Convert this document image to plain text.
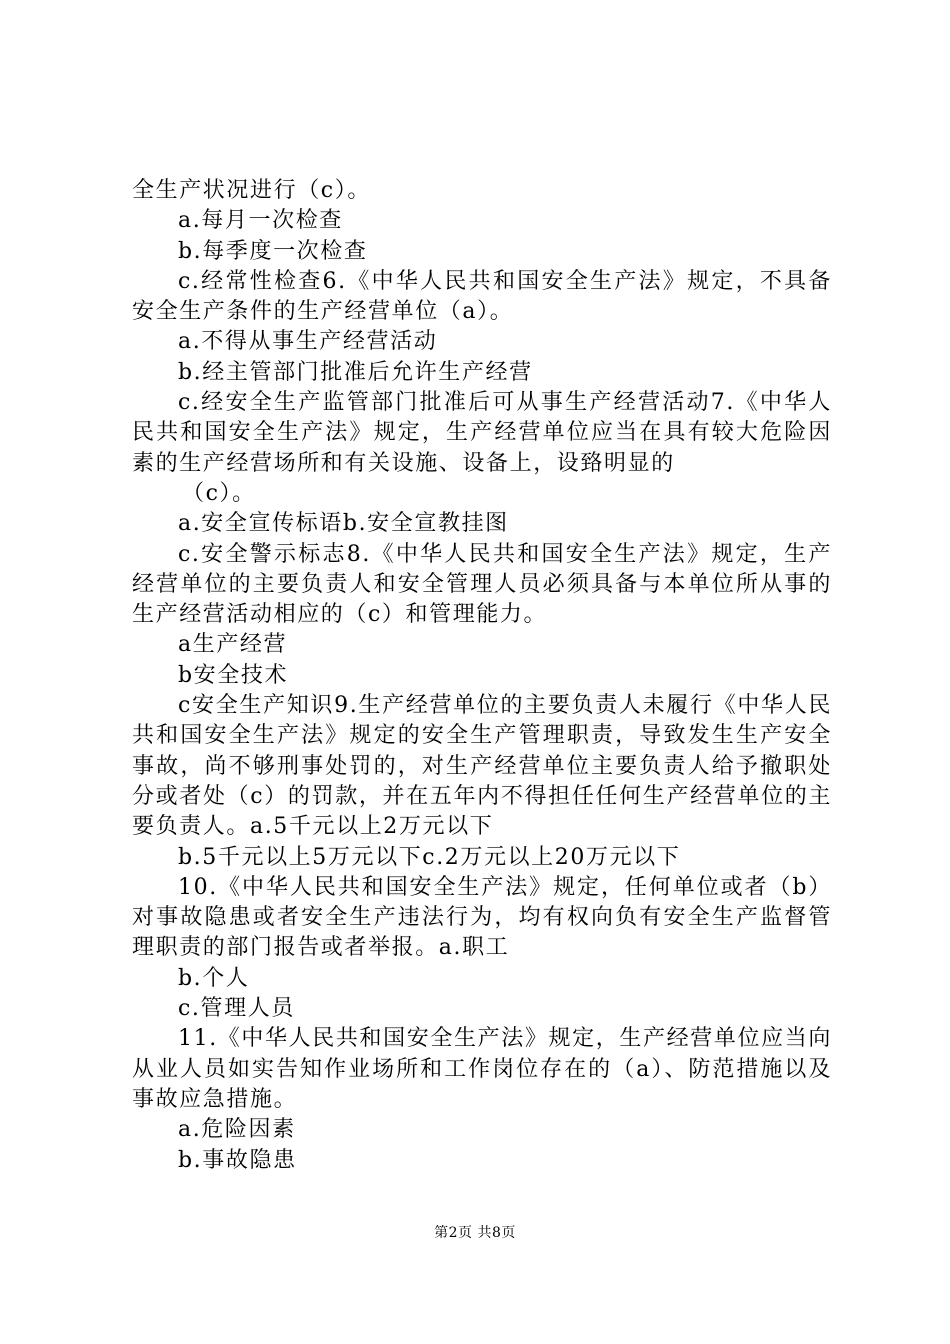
全生产状况进行（c）。

a.每月一次检查

b.每季度一次检查

c.经常性检查6.《中华人民共和国安全生产法》规定，不具备安全生产条件的生产经营单位（a）。

a.不得从事生产经营活动

b.经主管部门批准后允许生产经营

c.经安全生产监管部门批准后可从事生产经营活动7.《中华人民共和国安全生产法》规定，生产经营单位应当在具有较大危险因素的生产经营场所和有关设施、设备上，设臵明显的

（c）。

a.安全宣传标语b.安全宣教挂图

c.安全警示标志8.《中华人民共和国安全生产法》规定，生产经营单位的主要负责人和安全管理人员必须具备与本单位所从事的生产经营活动相应的（c）和管理能力。

a生产经营

b安全技术

c安全生产知识9.生产经营单位的主要负责人未履行《中华人民共和国安全生产法》规定的安全生产管理职责，导致发生生产安全事故，尚不够刑事处罚的，对生产经营单位主要负责人给予撤职处分或者处（c）的罚款，并在五年内不得担任任何生产经营单位的主要负责人。a.5千元以上2万元以下

b.5千元以上5万元以下c.2万元以上20万元以下

10.《中华人民共和国安全生产法》规定，任何单位或者（b）对事故隐患或者安全生产违法行为，均有权向负有安全生产监督管理职责的部门报告或者举报。a.职工

b.个人

c.管理人员

11.《中华人民共和国安全生产法》规定，生产经营单位应当向从业人员如实告知作业场所和工作岗位存在的（a）、防范措施以及事故应急措施。

a.危险因素

b.事故隐患

第2页 共8页
